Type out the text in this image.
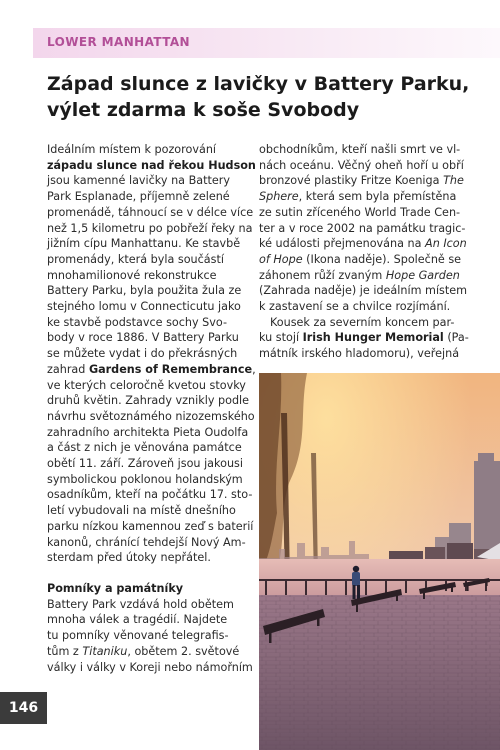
LOWER MANHATTAN
Západ slunce z lavičky v Battery Parku,
výlet zdarma k soše Svobody
Ideálním místem k pozorování
západu slunce nad řekou Hudson
jsou kamenné lavičky na Battery
Park Esplanade, příjemně zelené
promenádě, táhnoucí se v délce více
než 1,5 kilometru po pobřeží řeky na
jižním cípu Manhattanu. Ke stavbě
promenády, která byla součástí
mnohamilionové rekonstrukce
Battery Parku, byla použita žula ze
stejného lomu v Connecticutu jako
ke stavbě podstavce sochy Svo-
body v roce 1886. V Battery Parku
se můžete vydat i do překrásných
zahrad Gardens of Remembrance,
ve kterých celoročně kvetou stovky
druhů květin. Zahrady vznikly podle
návrhu světoznámého nizozemského
zahradního architekta Pieta Oudolfa
a část z nich je věnována památce
obětí 11. září. Zároveň jsou jakousi
symbolickou poklonou holandským
osadníkům, kteří na počátku 17. sto-
letí vybudovali na místě dnešního
parku nízkou kamennou zeď s baterií
kanonů, chránící tehdejší Nový Am-
sterdam před útoky nepřátel.
Pomníky a památníky
Battery Park vzdává hold obětem
mnoha válek a tragédií. Najdete
tu pomníky věnované telegrafis-
tům z Titaniku, obětem 2. světové
války i války v Koreji nebo námořním
obchodníkům, kteří našli smrt ve vl-
nách oceánu. Věčný oheň hoří u obří
bronzové plastiky Fritze Koeniga The
Sphere, která sem byla přemístěna
ze sutin zříceného World Trade Cen-
ter a v roce 2002 na památku tragic-
ké události přejmenována na An Icon
of Hope (Ikona naděje). Společně se
záhonem růží zvaným Hope Garden
(Zahrada naděje) je ideálním místem
k zastavení se a chvilce rozjímání.
Kousek za severním koncem par-
ku stojí Irish Hunger Memorial (Pa-
mátník irského hladomoru), veřejná
146
